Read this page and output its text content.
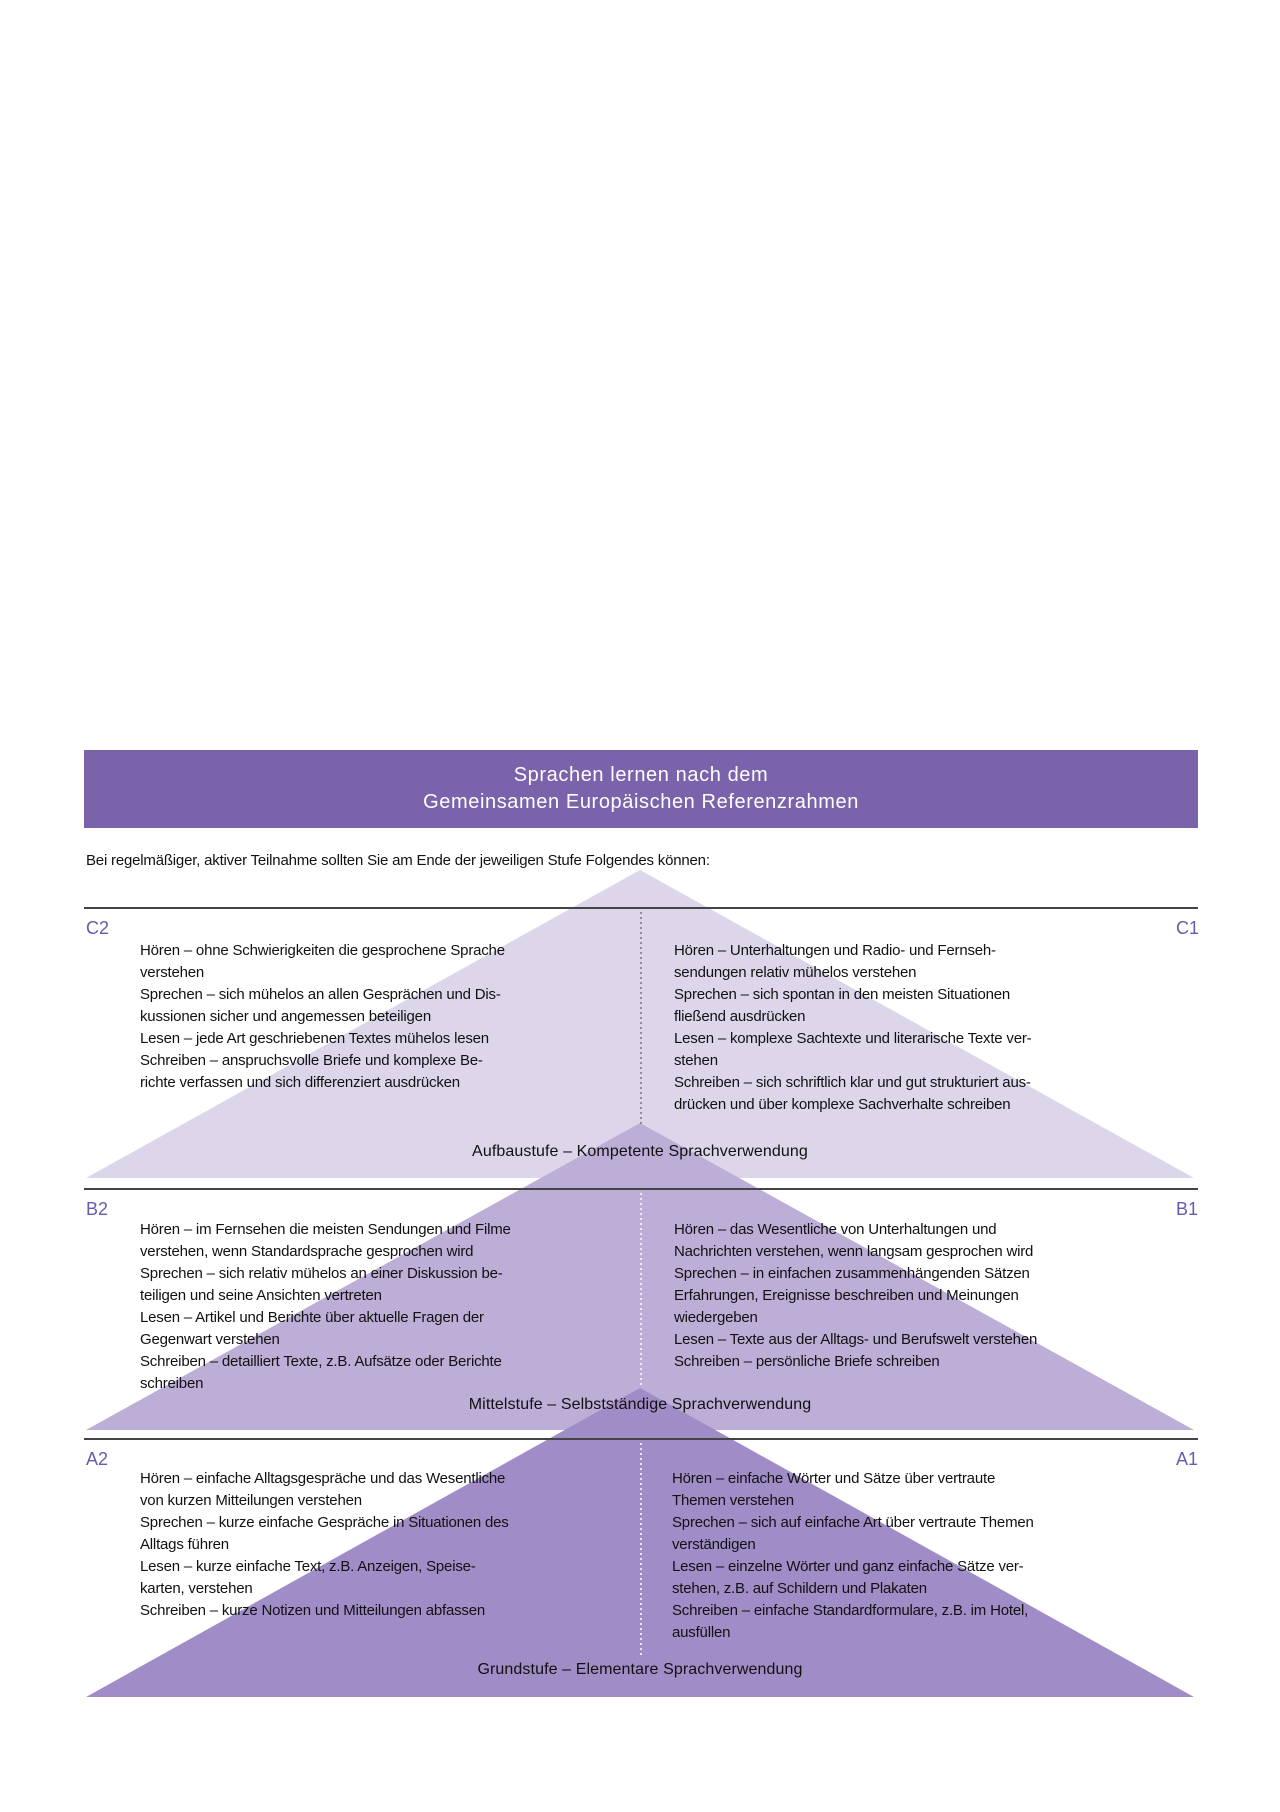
Sprachen lernen nach dem
Gemeinsamen Europäischen Referenzrahmen
Bei regelmäßiger, aktiver Teilnahme sollten Sie am Ende der jeweiligen Stufe Folgendes können:
C2	C1
B2	B1
A2	A1
Hören – ohne Schwierigkeiten die gesprochene Sprache
verstehen
Sprechen – sich mühelos an allen Gesprächen und Dis-
kussionen sicher und angemessen beteiligen
Lesen – jede Art geschriebenen Textes mühelos lesen
Schreiben – anspruchsvolle Briefe und komplexe Be-
richte verfassen und sich differenziert ausdrücken
Hören – Unterhaltungen und Radio- und Fernseh-
sendungen relativ mühelos verstehen
Sprechen – sich spontan in den meisten Situationen
fließend ausdrücken
Lesen – komplexe Sachtexte und literarische Texte ver-
stehen
Schreiben – sich schriftlich klar und gut strukturiert aus-
drücken und über komplexe Sachverhalte schreiben
Aufbaustufe – Kompetente Sprachverwendung
Hören – im Fernsehen die meisten Sendungen und Filme
verstehen, wenn Standardsprache gesprochen wird
Sprechen – sich relativ mühelos an einer Diskussion be-
teiligen und seine Ansichten vertreten
Lesen – Artikel und Berichte über aktuelle Fragen der
Gegenwart verstehen
Schreiben – detailliert Texte, z.B. Aufsätze oder Berichte
schreiben
Hören – das Wesentliche von Unterhaltungen und
Nachrichten verstehen, wenn langsam gesprochen wird
Sprechen – in einfachen zusammenhängenden Sätzen
Erfahrungen, Ereignisse beschreiben und Meinungen
wiedergeben
Lesen – Texte aus der Alltags- und Berufswelt verstehen
Schreiben – persönliche Briefe schreiben
Mittelstufe – Selbstständige Sprachverwendung
Hören – einfache Alltagsgespräche und das Wesentliche
von kurzen Mitteilungen verstehen
Sprechen – kurze einfache Gespräche in Situationen des
Alltags führen
Lesen – kurze einfache Text, z.B. Anzeigen, Speise-
karten, verstehen
Schreiben – kurze Notizen und Mitteilungen abfassen
Hören – einfache Wörter und Sätze über vertraute
Themen verstehen
Sprechen – sich auf einfache Art über vertraute Themen
verständigen
Lesen – einzelne Wörter und ganz einfache Sätze ver-
stehen, z.B. auf Schildern und Plakaten
Schreiben – einfache Standardformulare, z.B. im Hotel,
ausfüllen
Grundstufe – Elementare Sprachverwendung
